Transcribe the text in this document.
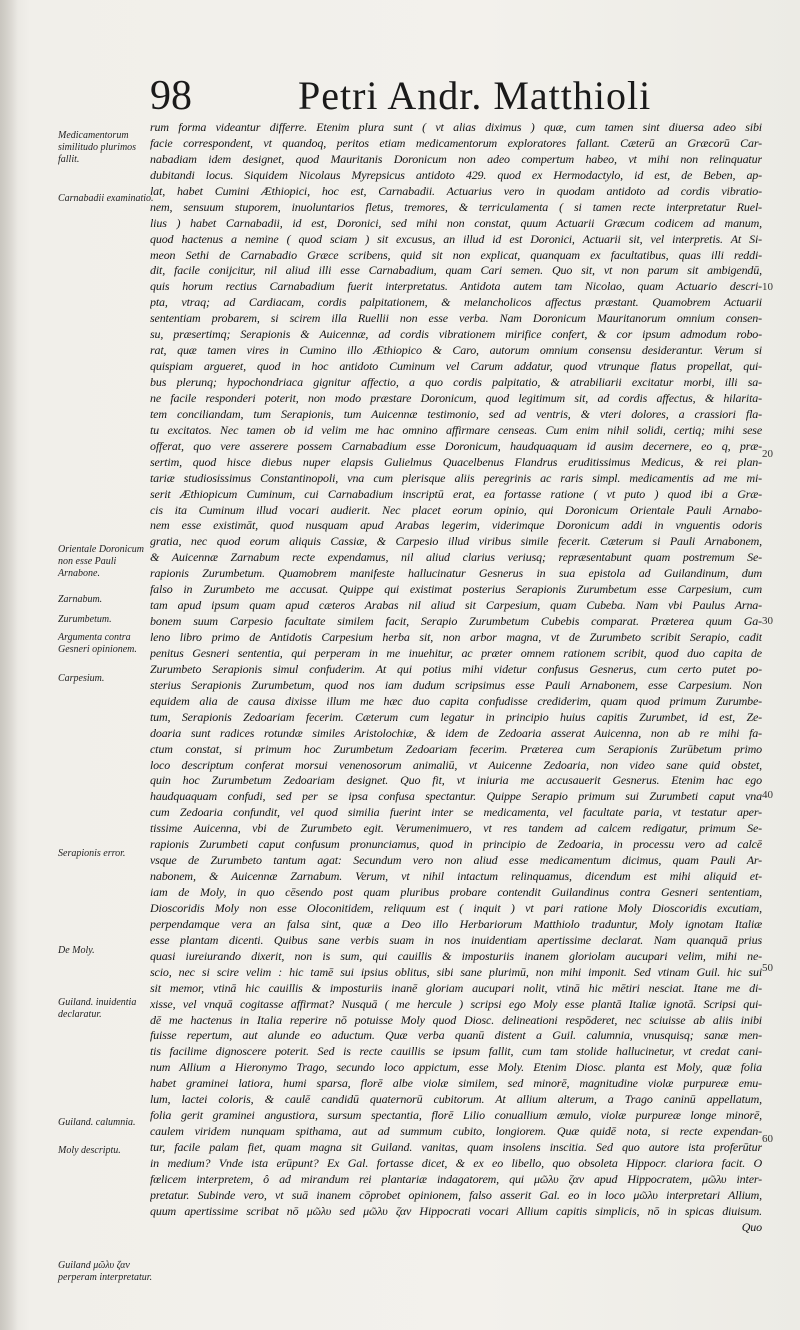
98	Petri Andr. Matthioli
Medicamentorum similitudo plurimos fallit.
Carnabadii examinatio.
Orientale Doronicum non esse Pauli Arnabone.
Zarnabum.
Zurumbetum.
Argumenta contra Gesneri opinionem.
Carpesium.
Serapionis error.
De Moly.
Guiland. inuidentia declaratur.
Guiland. calumnia.
Moly descriptu.
Guiland μῶλυ ζαν perperam interpretatur.
10
20
30
40
50
60
rum forma videantur differre. Etenim plura sunt ( vt alias diximus ) quæ, cum tamen sint diuersa adeo sibi
facie correspondent, vt quandoq, peritos etiam medicamentorum exploratores fallant. Cæterū an Græcorū Car-
nabadiam idem designet, quod Mauritanis Doronicum non adeo compertum habeo, vt mihi non relinquatur
dubitandi locus. Siquidem Nicolaus Myrepsicus antidoto 429. quod ex Hermodactylo, id est, de Beben, ap-
lat, habet Cumini Æthiopici, hoc est, Carnabadii. Actuarius vero in quodam antidoto ad cordis vibratio-
nem, sensuum stuporem, inuoluntarios fletus, tremores, & terriculamenta ( si tamen recte interpretatur Ruel-
lius ) habet Carnabadii, id est, Doronici, sed mihi non constat, quum Actuarii Græcum codicem ad manum,
quod hactenus a nemine ( quod sciam ) sit excusus, an illud id est Doronici, Actuarii sit, vel interpretis. At Si-
meon Sethi de Carnabadio Græce scribens, quid sit non explicat, quanquam ex facultatibus, quas illi reddi-
dit, facile conijcitur, nil aliud illi esse Carnabadium, quam Cari semen. Quo sit, vt non parum sit ambigendū,
quis horum rectius Carnabadium fuerit interpretatus. Antidota autem tam Nicolao, quam Actuario descri-
pta, vtraq; ad Cardiacam, cordis palpitationem, & melancholicos affectus præstant. Quamobrem Actuarii
sententiam probarem, si scirem illa Ruellii non esse verba. Nam Doronicum Mauritanorum omnium consen-
su, præsertimq; Serapionis & Auicennæ, ad cordis vibrationem mirifice confert, & cor ipsum admodum robo-
rat, quæ tamen vires in Cumino illo Æthiopico & Caro, autorum omnium consensu desiderantur. Verum si
quispiam argueret, quod in hoc antidoto Cuminum vel Carum addatur, quod vtrunque flatus propellat, qui-
bus plerunq; hypochondriaca gignitur affectio, a quo cordis palpitatio, & atrabiliarii excitatur morbi, illi sa-
ne facile responderi poterit, non modo præstare Doronicum, quod legitimum sit, ad cordis affectus, & hilarita-
tem conciliandam, tum Serapionis, tum Auicennæ testimonio, sed ad ventris, & vteri dolores, a crassiori fla-
tu excitatos. Nec tamen ob id velim me hac omnino affirmare censeas. Cum enim nihil solidi, certiq; mihi sese
offerat, quo vere asserere possem Carnabadium esse Doronicum, haudquaquam id ausim decernere, eo q, præ-
sertim, quod hisce diebus nuper elapsis Gulielmus Quacelbenus Flandrus eruditissimus Medicus, & rei plan-
tariæ studiosissimus Constantinopoli, vna cum plerisque aliis peregrinis ac raris simpl. medicamentis ad me mi-
serit Æthiopicum Cuminum, cui Carnabadium inscriptū erat, ea fortasse ratione ( vt puto ) quod ibi a Græ-
cis ita Cuminum illud vocari audierit. Nec placet eorum opinio, qui Doronicum Orientale Pauli Arnabo-
nem esse existimāt, quod nusquam apud Arabas legerim, viderimque Doronicum addi in vnguentis odoris
gratia, nec quod eorum aliquis Cassiæ, & Carpesio illud viribus simile fecerit. Cæterum si Pauli Arnabonem,
& Auicennæ Zarnabum recte expendamus, nil aliud clarius veriusq; repræsentabunt quam postremum Se-
rapionis Zurumbetum. Quamobrem manifeste hallucinatur Gesnerus in sua epistola ad Guilandinum, dum
falso in Zurumbeto me accusat. Quippe qui existimat posterius Serapionis Zurumbetum esse Carpesium, cum
tam apud ipsum quam apud cæteros Arabas nil aliud sit Carpesium, quam Cubeba. Nam vbi Paulus Arna-
bonem suum Carpesio facultate similem facit, Serapio Zurumbetum Cubebis comparat. Præterea quum Ga-
leno libro primo de Antidotis Carpesium herba sit, non arbor magna, vt de Zurumbeto scribit Serapio, cadit
penitus Gesneri sententia, qui perperam in me inuehitur, ac præter omnem rationem scribit, quod duo capita de
Zurumbeto Serapionis simul confuderim. At qui potius mihi videtur confusus Gesnerus, cum certo putet po-
sterius Serapionis Zurumbetum, quod nos iam dudum scripsimus esse Pauli Arnabonem, esse Carpesium. Non
equidem alia de causa dixisse illum me hæc duo capita confudisse crediderim, quam quod primum Zurumbe-
tum, Serapionis Zedoariam fecerim. Cæterum cum legatur in principio huius capitis Zurumbet, id est, Ze-
doaria sunt radices rotundæ similes Aristolochiæ, & idem de Zedoaria asserat Auicenna, non ab re mihi fa-
ctum constat, si primum hoc Zurumbetum Zedoariam fecerim. Præterea cum Serapionis Zurūbetum primo
loco descriptum conferat morsui venenosorum animaliū, vt Auicenne Zedoaria, non video sane quid obstet,
quin hoc Zurumbetum Zedoariam designet. Quo fit, vt iniuria me accusauerit Gesnerus. Etenim hac ego
haudquaquam confudi, sed per se ipsa confusa spectantur. Quippe Serapio primum sui Zurumbeti caput vna
cum Zedoaria confundit, vel quod similia fuerint inter se medicamenta, vel facultate paria, vt testatur aper-
tissime Auicenna, vbi de Zurumbeto egit. Verumenimuero, vt res tandem ad calcem redigatur, primum Se-
rapionis Zurumbeti caput confusum pronunciamus, quod in principio de Zedoaria, in processu vero ad calcē
vsque de Zurumbeto tantum agat: Secundum vero non aliud esse medicamentum dicimus, quam Pauli Ar-
nabonem, & Auicennæ Zarnabum. Verum, vt nihil intactum relinquamus, dicendum est mihi aliquid et-
iam de Moly, in quo cēsendo post quam pluribus probare contendit Guilandinus contra Gesneri sententiam,
Dioscoridis Moly non esse Oloconitidem, reliquum est ( inquit ) vt pari ratione Moly Dioscoridis excutiam,
perpendamque vera an falsa sint, quæ a Deo illo Herbariorum Matthiolo traduntur, Moly ignotam Italiæ
esse plantam dicenti. Quibus sane verbis suam in nos inuidentiam apertissime declarat. Nam quanquā prius
quasi iureiurando dixerit, non is sum, qui cauillis & imposturiis inanem gloriolam aucupari velim, mihi ne-
scio, nec si scire velim : hic tamē sui ipsius oblitus, sibi sane plurimū, non mihi imponit. Sed vtinam Guil. hic sui
sit memor, vtinā hic cauillis & imposturiis inanē gloriam aucupari nolit, vtinā hic mētiri nesciat. Itane me di-
xisse, vel vnquā cogitasse affirmat? Nusquā ( me hercule ) scripsi ego Moly esse plantā Italiæ ignotā. Scripsi qui-
dē me hactenus in Italia reperire nō potuisse Moly quod Diosc. delineationi respōderet, nec sciuisse ab aliis inibi
fuisse repertum, aut alunde eo aductum. Quæ verba quanū distent a Guil. calumnia, vnusquisq; sanæ men-
tis facilime dignoscere poterit. Sed is recte cauillis se ipsum fallit, cum tam stolide hallucinetur, vt credat cani-
num Allium a Hieronymo Trago, secundo loco appictum, esse Moly. Etenim Diosc. planta est Moly, quæ folia
habet graminei latiora, humi sparsa, florē albe violæ similem, sed minorē, magnitudine violæ purpureæ emu-
lum, lactei coloris, & caulē candidū quaternorū cubitorum. At allium alterum, a Trago caninū appellatum,
folia gerit graminei angustiora, sursum spectantia, florē Lilio conuallium æmulo, violæ purpureæ longe minorē,
caulem viridem nunquam spithama, aut ad summum cubito, longiorem. Quæ quidē nota, si recte expendan-
tur, facile palam fiet, quam magna sit Guiland. vanitas, quam insolens inscitia. Sed quo autore ista proferūtur
in medium? Vnde ista erūpunt? Ex Gal. fortasse dicet, & ex eo libello, quo obsoleta Hippocr. clariora facit. O
fœlicem interpretem, ô ad mirandum rei plantariæ indagatorem, qui μῶλυ ζαν apud Hippocratem, μῶλυ inter-
pretatur. Subinde vero, vt suā inanem cōprobet opinionem, falso asserit Gal. eo in loco μῶλυ interpretari Allium,
quum apertissime scribat nō μῶλυ sed μῶλυ ζαν Hippocrati vocari Allium capitis simplicis, nō in spicas diuisum.
Quo
